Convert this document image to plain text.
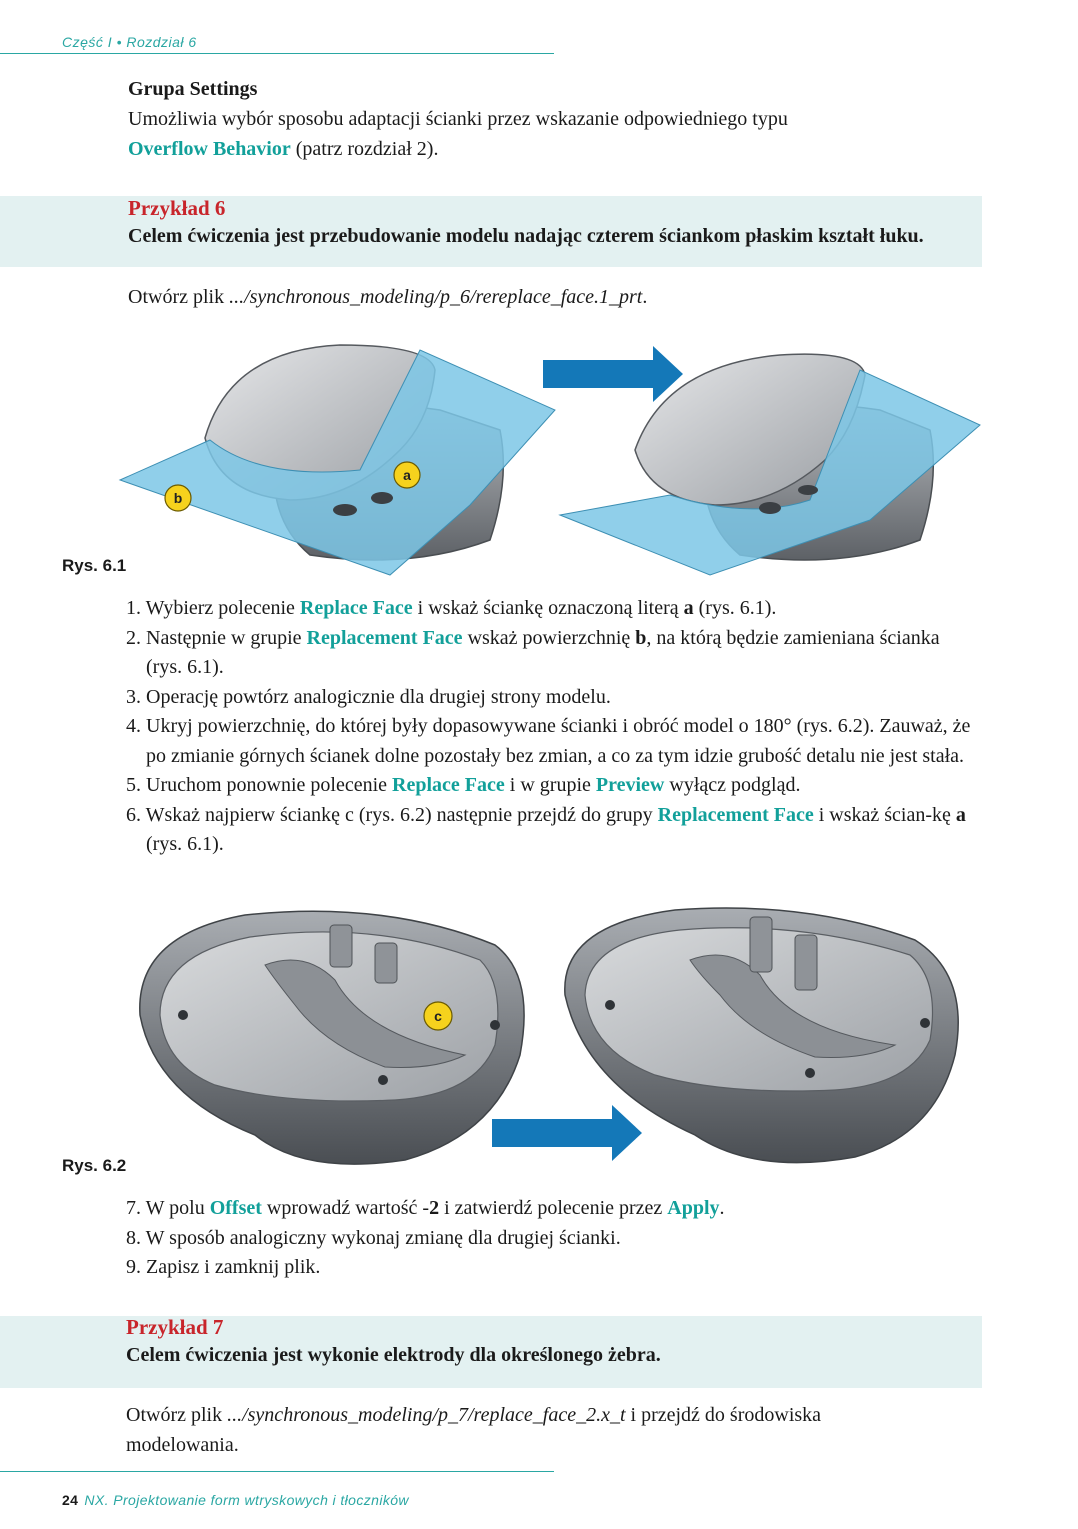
Część I • Rozdział 6
Grupa Settings
Umożliwia wybór sposobu adaptacji ścianki przez wskazanie odpowiedniego typu
Overflow Behavior (patrz rozdział 2).
Przykład 6
Celem ćwiczenia jest przebudowanie modelu nadając czterem ściankom płaskim kształt łuku.
Otwórz plik .../synchronous_modeling/p_6/rereplace_face.1_prt.
a
b
Rys. 6.1
1. Wybierz polecenie Replace Face i wskaż ściankę oznaczoną literą a (rys. 6.1).
2. Następnie w grupie Replacement Face wskaż powierzchnię b, na którą będzie zamieniana ścianka (rys. 6.1).
3. Operację powtórz analogicznie dla drugiej strony modelu.
4. Ukryj powierzchnię, do której były dopasowywane ścianki i obróć model o 180° (rys. 6.2). Zauważ, że po zmianie górnych ścianek dolne pozostały bez zmian, a co za tym idzie grubość detalu nie jest stała.
5. Uruchom ponownie polecenie Replace Face i w grupie Preview wyłącz podgląd.
6. Wskaż najpierw ściankę c (rys. 6.2) następnie przejdź do grupy Replacement Face i wskaż ścian-kę a (rys. 6.1).
c
Rys. 6.2
7. W polu Offset wprowadź wartość -2 i zatwierdź polecenie przez Apply.
8. W sposób analogiczny wykonaj zmianę dla drugiej ścianki.
9. Zapisz i zamknij plik.
Przykład 7
Celem ćwiczenia jest wykonie elektrody dla określonego żebra.
Otwórz plik .../synchronous_modeling/p_7/replace_face_2.x_t i przejdź do środowiska modelowania.
24 NX. Projektowanie form wtryskowych i tłoczników
